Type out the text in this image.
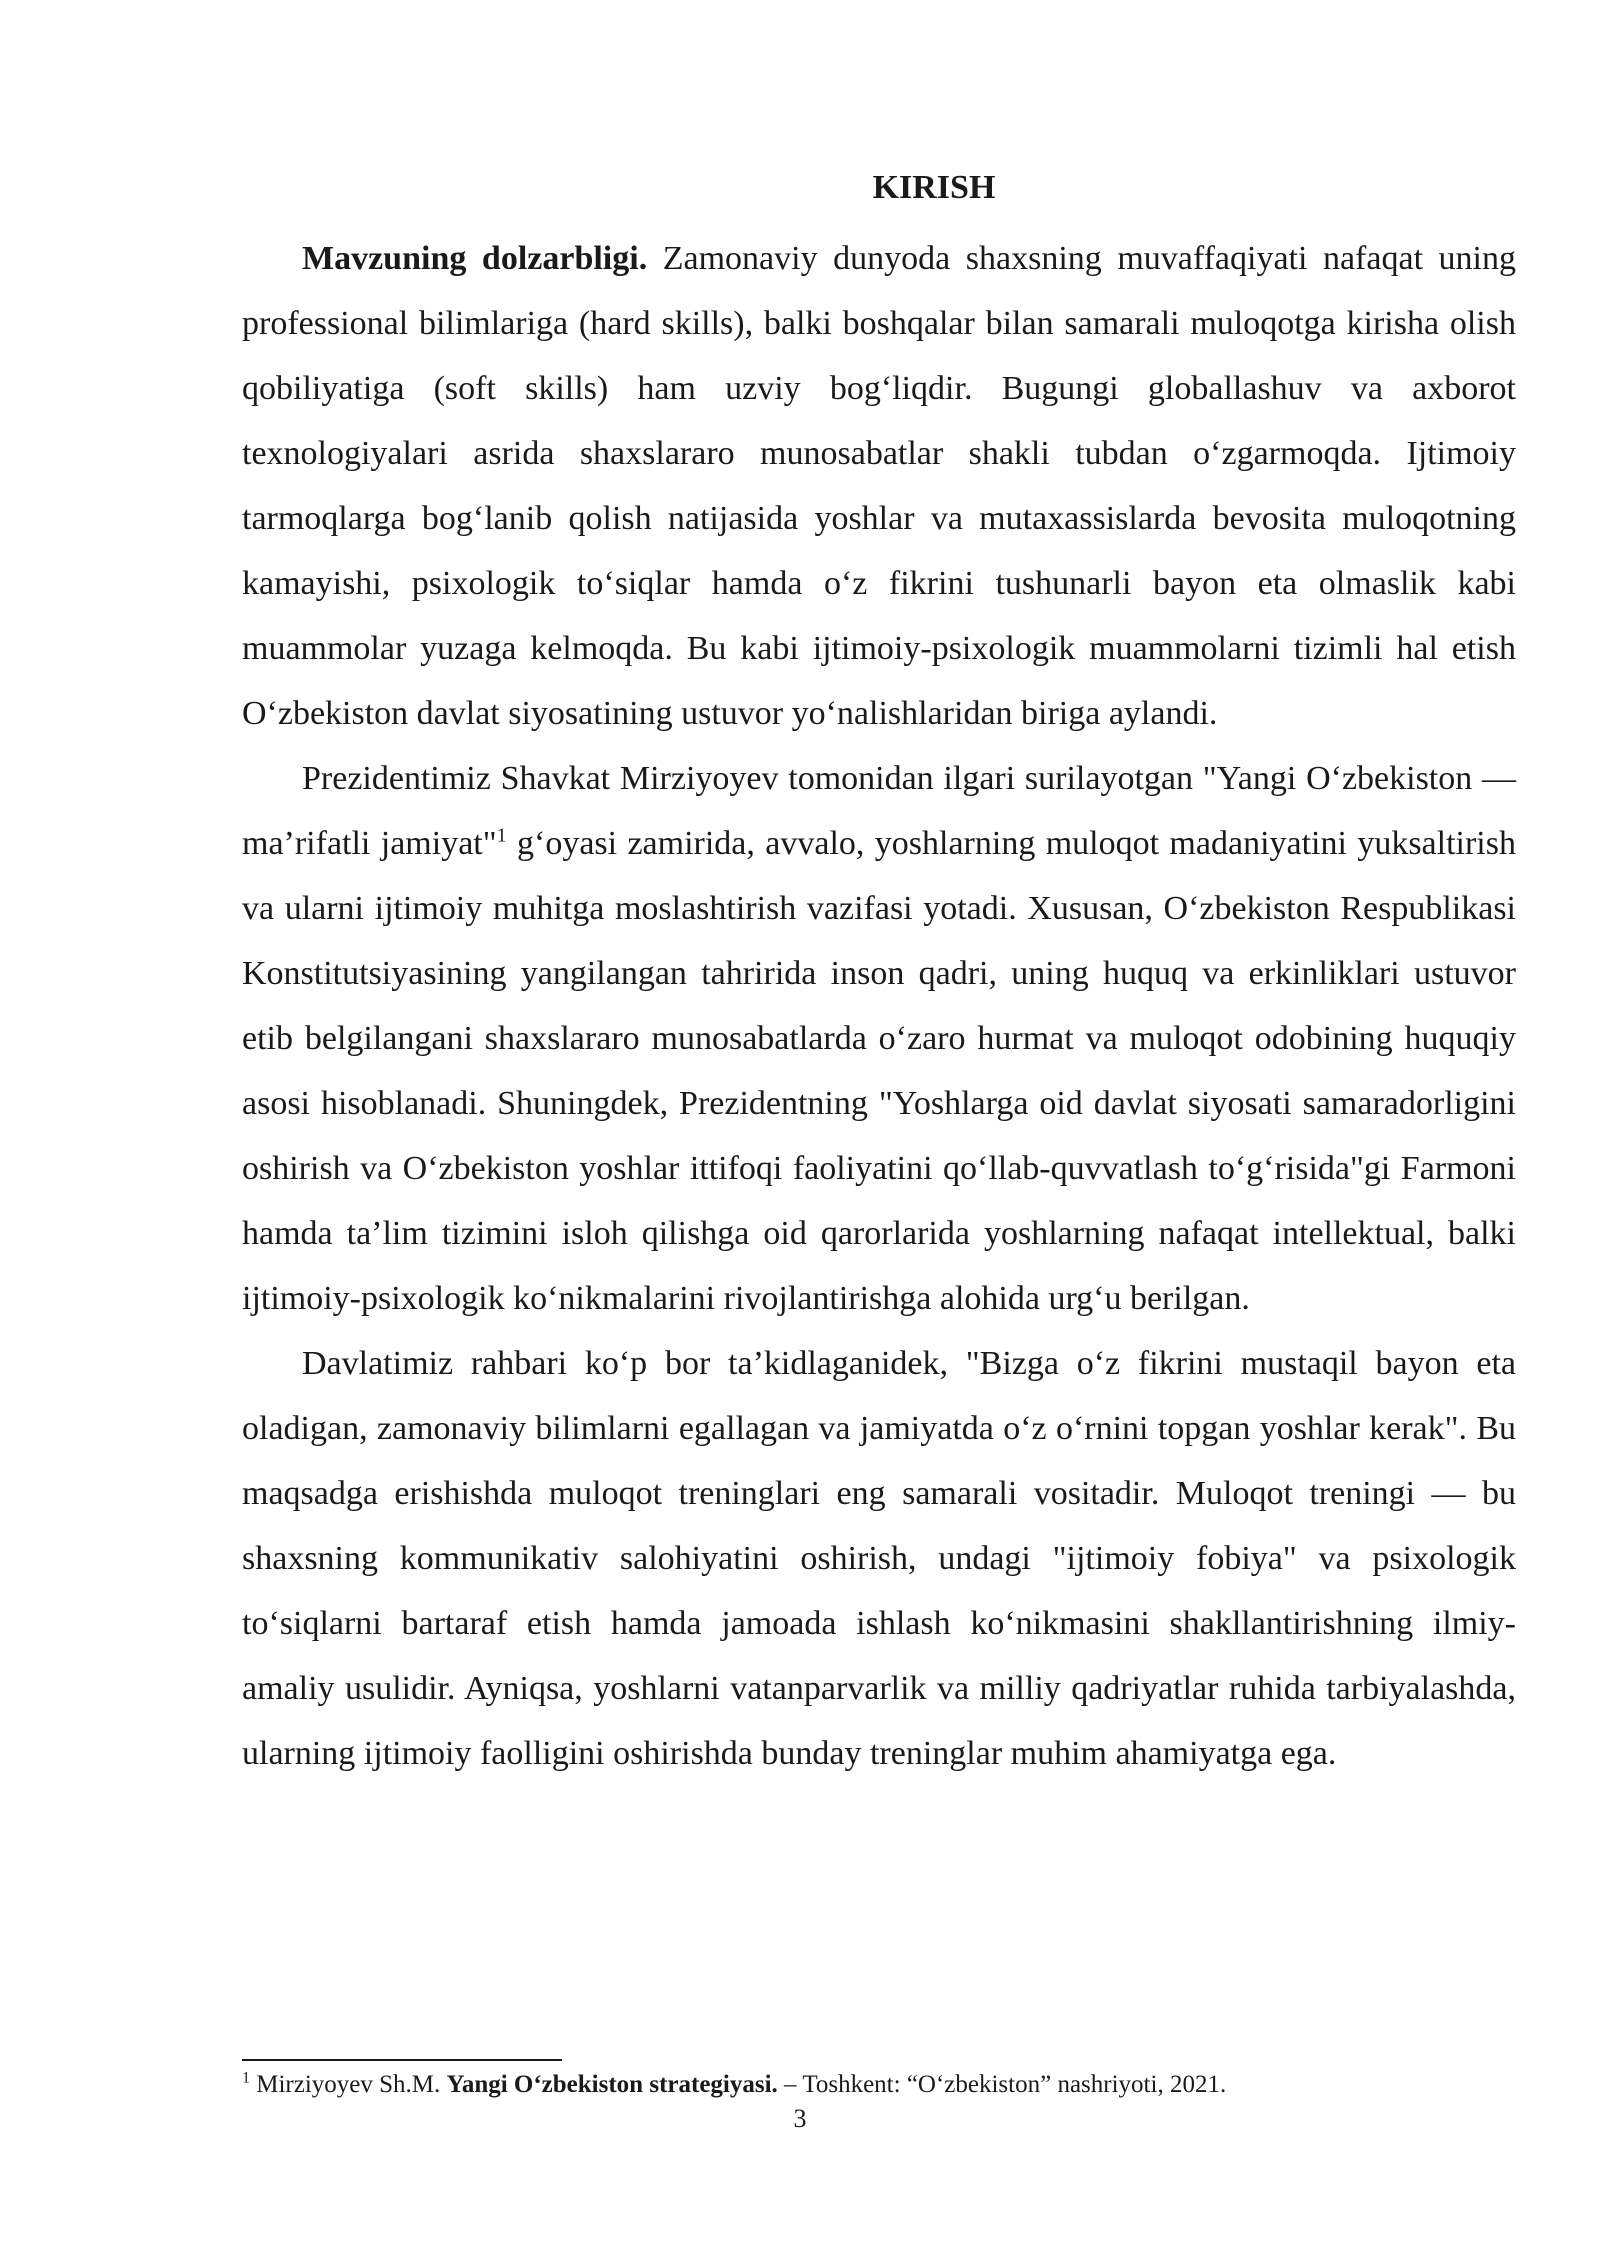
KIRISH

Mavzuning dolzarbligi. Zamonaviy dunyoda shaxsning muvaffaqiyati nafaqat uning professional bilimlariga (hard skills), balki boshqalar bilan samarali muloqotga kirisha olish qobiliyatiga (soft skills) ham uzviy bog‘liqdir. Bugungi globallashuv va axborot texnologiyalari asrida shaxslararo munosabatlar shakli tubdan o‘zgarmoqda. Ijtimoiy tarmoqlarga bog‘lanib qolish natijasida yoshlar va mutaxassislarda bevosita muloqotning kamayishi, psixologik to‘siqlar hamda o‘z fikrini tushunarli bayon eta olmaslik kabi muammolar yuzaga kelmoqda. Bu kabi ijtimoiy-psixologik muammolarni tizimli hal etish O‘zbekiston davlat siyosatining ustuvor yo‘nalishlaridan biriga aylandi.

Prezidentimiz Shavkat Mirziyoyev tomonidan ilgari surilayotgan "Yangi O‘zbekiston — ma’rifatli jamiyat"$^1$ g‘oyasi zamirida, avvalo, yoshlarning muloqot madaniyatini yuksaltirish va ularni ijtimoiy muhitga moslashtirish vazifasi yotadi. Xususan, O‘zbekiston Respublikasi Konstitutsiyasining yangilangan tahririda inson qadri, uning huquq va erkinliklari ustuvor etib belgilangani shaxslararo munosabatlarda o‘zaro hurmat va muloqot odobining huquqiy asosi hisoblanadi. Shuningdek, Prezidentning "Yoshlarga oid davlat siyosati samaradorligini oshirish va O‘zbekiston yoshlar ittifoqi faoliyatini qo‘llab-quvvatlash to‘g‘risida"gi Farmoni hamda ta’lim tizimini isloh qilishga oid qarorlarida yoshlarning nafaqat intellektual, balki ijtimoiy-psixologik ko‘nikmalarini rivojlantirishga alohida urg‘u berilgan.

Davlatimiz rahbari ko‘p bor ta’kidlaganidek, "Bizga o‘z fikrini mustaqil bayon eta oladigan, zamonaviy bilimlarni egallagan va jamiyatda o‘z o‘rnini topgan yoshlar kerak". Bu maqsadga erishishda muloqot treninglari eng samarali vositadir. Muloqot treningi — bu shaxsning kommunikativ salohiyatini oshirish, undagi "ijtimoiy fobiya" va psixologik to‘siqlarni bartaraf etish hamda jamoada ishlash ko‘nikmasini shakllantirishning ilmiy-amaliy usulidir. Ayniqsa, yoshlarni vatanparvarlik va milliy qadriyatlar ruhida tarbiyalashda, ularning ijtimoiy faolligini oshirishda bunday treninglar muhim ahamiyatga ega.

$^1$ Mirziyoyev Sh.M. Yangi O‘zbekiston strategiyasi. – Toshkent: “O‘zbekiston” nashriyoti, 2021.
3
